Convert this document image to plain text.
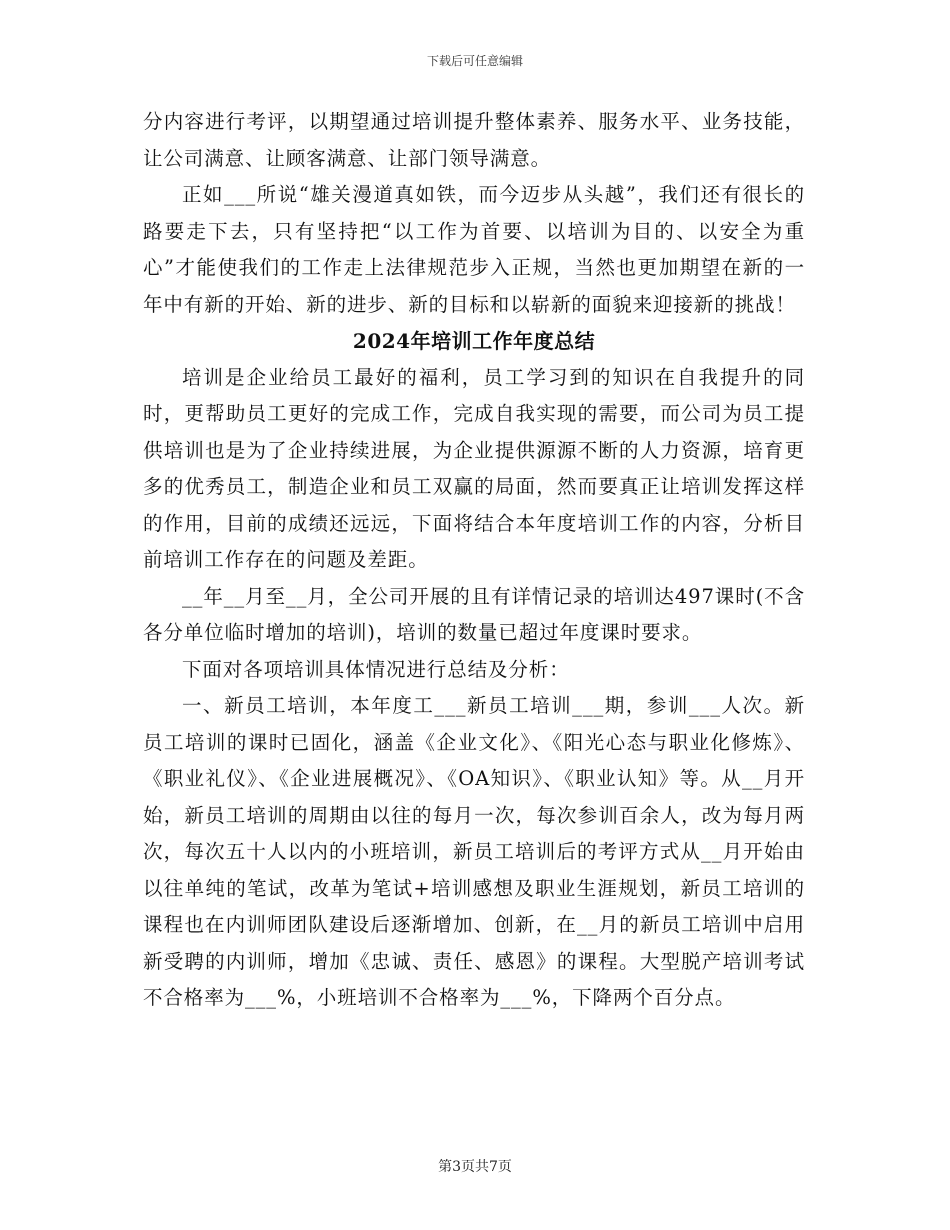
下载后可任意编辑

分内容进行考评，以期望通过培训提升整体素养、服务水平、业务技能，让公司满意、让顾客满意、让部门领导满意。

正如___所说“雄关漫道真如铁，而今迈步从头越”，我们还有很长的路要走下去，只有坚持把“以工作为首要、以培训为目的、以安全为重心”才能使我们的工作走上法律规范步入正规，当然也更加期望在新的一年中有新的开始、新的进步、新的目标和以崭新的面貌来迎接新的挑战！

2024年培训工作年度总结

培训是企业给员工最好的福利，员工学习到的知识在自我提升的同时，更帮助员工更好的完成工作，完成自我实现的需要，而公司为员工提供培训也是为了企业持续进展，为企业提供源源不断的人力资源，培育更多的优秀员工，制造企业和员工双赢的局面，然而要真正让培训发挥这样的作用，目前的成绩还远远，下面将结合本年度培训工作的内容，分析目前培训工作存在的问题及差距。

__年__月至__月，全公司开展的且有详情记录的培训达497课时(不含各分单位临时增加的培训)，培训的数量已超过年度课时要求。

下面对各项培训具体情况进行总结及分析：

一、新员工培训，本年度工___新员工培训___期，参训___人次。新员工培训的课时已固化，涵盖《企业文化》、《阳光心态与职业化修炼》、《职业礼仪》、《企业进展概况》、《OA知识》、《职业认知》等。从__月开始，新员工培训的周期由以往的每月一次，每次参训百余人，改为每月两次，每次五十人以内的小班培训，新员工培训后的考评方式从__月开始由以往单纯的笔试，改革为笔试+培训感想及职业生涯规划，新员工培训的课程也在内训师团队建设后逐渐增加、创新，在__月的新员工培训中启用新受聘的内训师，增加《忠诚、责任、感恩》的课程。大型脱产培训考试不合格率为___%，小班培训不合格率为___%，下降两个百分点。

第3页共7页
